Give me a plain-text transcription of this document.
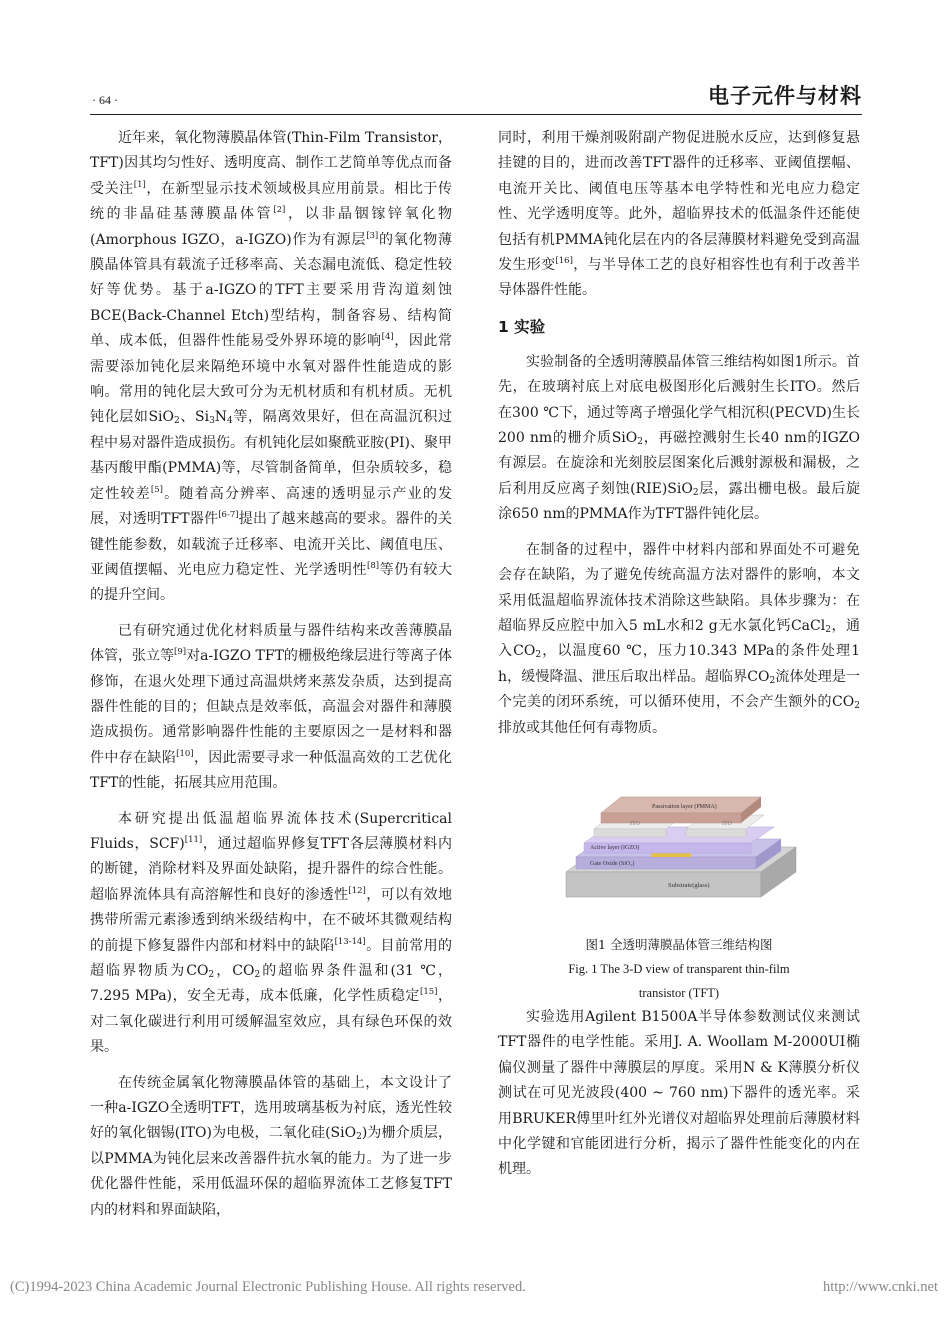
· 64 ·	电子元件与材料

近年来，氧化物薄膜晶体管(Thin-Film Transistor，TFT)因其均匀性好、透明度高、制作工艺简单等优点而备受关注[1]，在新型显示技术领域极具应用前景。相比于传统的非晶硅基薄膜晶体管[2]，以非晶铟镓锌氧化物(Amorphous IGZO，a-IGZO)作为有源层[3]的氧化物薄膜晶体管具有载流子迁移率高、关态漏电流低、稳定性较好等优势。基于a-IGZO的TFT主要采用背沟道刻蚀BCE(Back-Channel Etch)型结构，制备容易、结构简单、成本低，但器件性能易受外界环境的影响[4]，因此常需要添加钝化层来隔绝环境中水氧对器件性能造成的影响。常用的钝化层大致可分为无机材质和有机材质。无机钝化层如SiO$_2$、$Si_3N_4$等，隔离效果好，但在高温沉积过程中易对器件造成损伤。有机钝化层如聚酰亚胺(PI)、聚甲基丙酸甲酯(PMMA)等，尽管制备简单，但杂质较多，稳定性较差[5]。随着高分辨率、高速的透明显示产业的发展，对透明TFT器件[6-7]提出了越来越高的要求。器件的关键性能参数，如载流子迁移率、电流开关比、阈值电压、亚阈值摆幅、光电应力稳定性、光学透明性[8]等仍有较大的提升空间。

已有研究通过优化材料质量与器件结构来改善薄膜晶体管，张立等[9]对a-IGZO TFT的栅极绝缘层进行等离子体修饰，在退火处理下通过高温烘烤来蒸发杂质，达到提高器件性能的目的；但缺点是效率低，高温会对器件和薄膜造成损伤。通常影响器件性能的主要原因之一是材料和器件中存在缺陷[10]，因此需要寻求一种低温高效的工艺优化TFT的性能，拓展其应用范围。

本研究提出低温超临界流体技术(Supercritical Fluids，SCF)[11]，通过超临界修复TFT各层薄膜材料内的断键，消除材料及界面处缺陷，提升器件的综合性能。超临界流体具有高溶解性和良好的渗透性[12]，可以有效地携带所需元素渗透到纳米级结构中，在不破坏其微观结构的前提下修复器件内部和材料中的缺陷[13-14]。目前常用的超临界物质为$CO_2$，$CO_2$的超临界条件温和(31 ℃，7.295 MPa)，安全无毒，成本低廉，化学性质稳定[15]，对二氧化碳进行利用可缓解温室效应，具有绿色环保的效果。

在传统金属氧化物薄膜晶体管的基础上，本文设计了一种a-IGZO全透明TFT，选用玻璃基板为衬底，透光性较好的氧化铟锡(ITO)为电极，二氧化硅(SiO$_2$)为栅介质层，以PMMA为钝化层来改善器件抗水氧的能力。为了进一步优化器件性能，采用低温环保的超临界流体工艺修复TFT内的材料和界面缺陷，

同时，利用干燥剂吸附副产物促进脱水反应，达到修复悬挂键的目的，进而改善TFT器件的迁移率、亚阈值摆幅、电流开关比、阈值电压等基本电学特性和光电应力稳定性、光学透明度等。此外，超临界技术的低温条件还能使包括有机PMMA钝化层在内的各层薄膜材料避免受到高温发生形变[16]，与半导体工艺的良好相容性也有利于改善半导体器件性能。

1 实验

实验制备的全透明薄膜晶体管三维结构如图1所示。首先，在玻璃衬底上对底电极图形化后溅射生长ITO。然后在300 ℃下，通过等离子增强化学气相沉积(PECVD)生长200 nm的栅介质SiO$_2$，再磁控溅射生长40 nm的IGZO有源层。在旋涂和光刻胶层图案化后溅射源极和漏极，之后利用反应离子刻蚀(RIE)SiO$_2$层，露出栅电极。最后旋涂650 nm的PMMA作为TFT器件钝化层。

在制备的过程中，器件中材料内部和界面处不可避免会存在缺陷，为了避免传统高温方法对器件的影响，本文采用低温超临界流体技术消除这些缺陷。具体步骤为：在超临界反应腔中加入5 mL水和2 g无水氯化钙CaCl$_2$，通入$CO_2$，以温度60 ℃，压力10.343 MPa的条件处理1 h，缓慢降温、泄压后取出样品。超临界$CO_2$流体处理是一个完美的闭环系统，可以循环使用，不会产生额外的$CO_2$排放或其他任何有毒物质。

Passivation layer (PMMA)
ITO	ITO
Active layer (IGZO)
Gate Oxide (SiO₂)
Substrate(glass)
图1 全透明薄膜晶体管三维结构图
Fig. 1 The 3-D view of transparent thin-film
transistor (TFT)

实验选用Agilent B1500A半导体参数测试仪来测试TFT器件的电学性能。采用J. A. Woollam M-2000UI椭偏仪测量了器件中薄膜层的厚度。采用N & K薄膜分析仪测试在可见光波段(400 ~ 760 nm)下器件的透光率。采用BRUKER傅里叶红外光谱仪对超临界处理前后薄膜材料中化学键和官能团进行分析，揭示了器件性能变化的内在机理。

(C)1994-2023 China Academic Journal Electronic Publishing House. All rights reserved.	http://www.cnki.net
